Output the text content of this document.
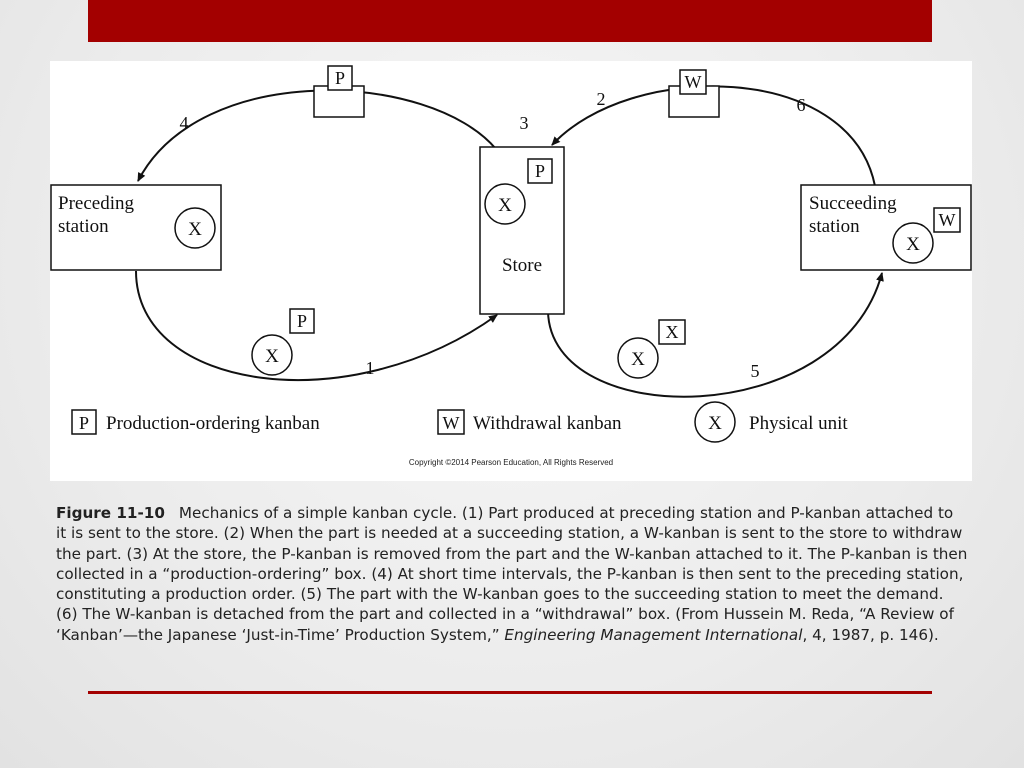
P	W
Preceding station	X
P
X
Store
Succeeding station	W
X
X
P
X
X
1
2
3
4
5
6
P Production-ordering kanban	W Withdrawal kanban	X Physical unit
Copyright ©2014 Pearson Education, All Rights Reserved
Figure 11-10 Mechanics of a simple kanban cycle. (1) Part produced at preceding station and P-kanban attached to it is sent to the store. (2) When the part is needed at a succeeding station, a W-kanban is sent to the store to withdraw the part. (3) At the store, the P-kanban is removed from the part and the W-kanban attached to it. The P-kanban is then collected in a “production-ordering” box. (4) At short time intervals, the P-kanban is then sent to the preceding station, constituting a production order. (5) The part with the W-kanban goes to the succeeding station to meet the demand. (6) The W-kanban is detached from the part and collected in a “withdrawal” box. (From Hussein M. Reda, “A Review of ‘Kanban’—the Japanese ‘Just-in-Time’ Production System,” Engineering Management International, 4, 1987, p. 146).
